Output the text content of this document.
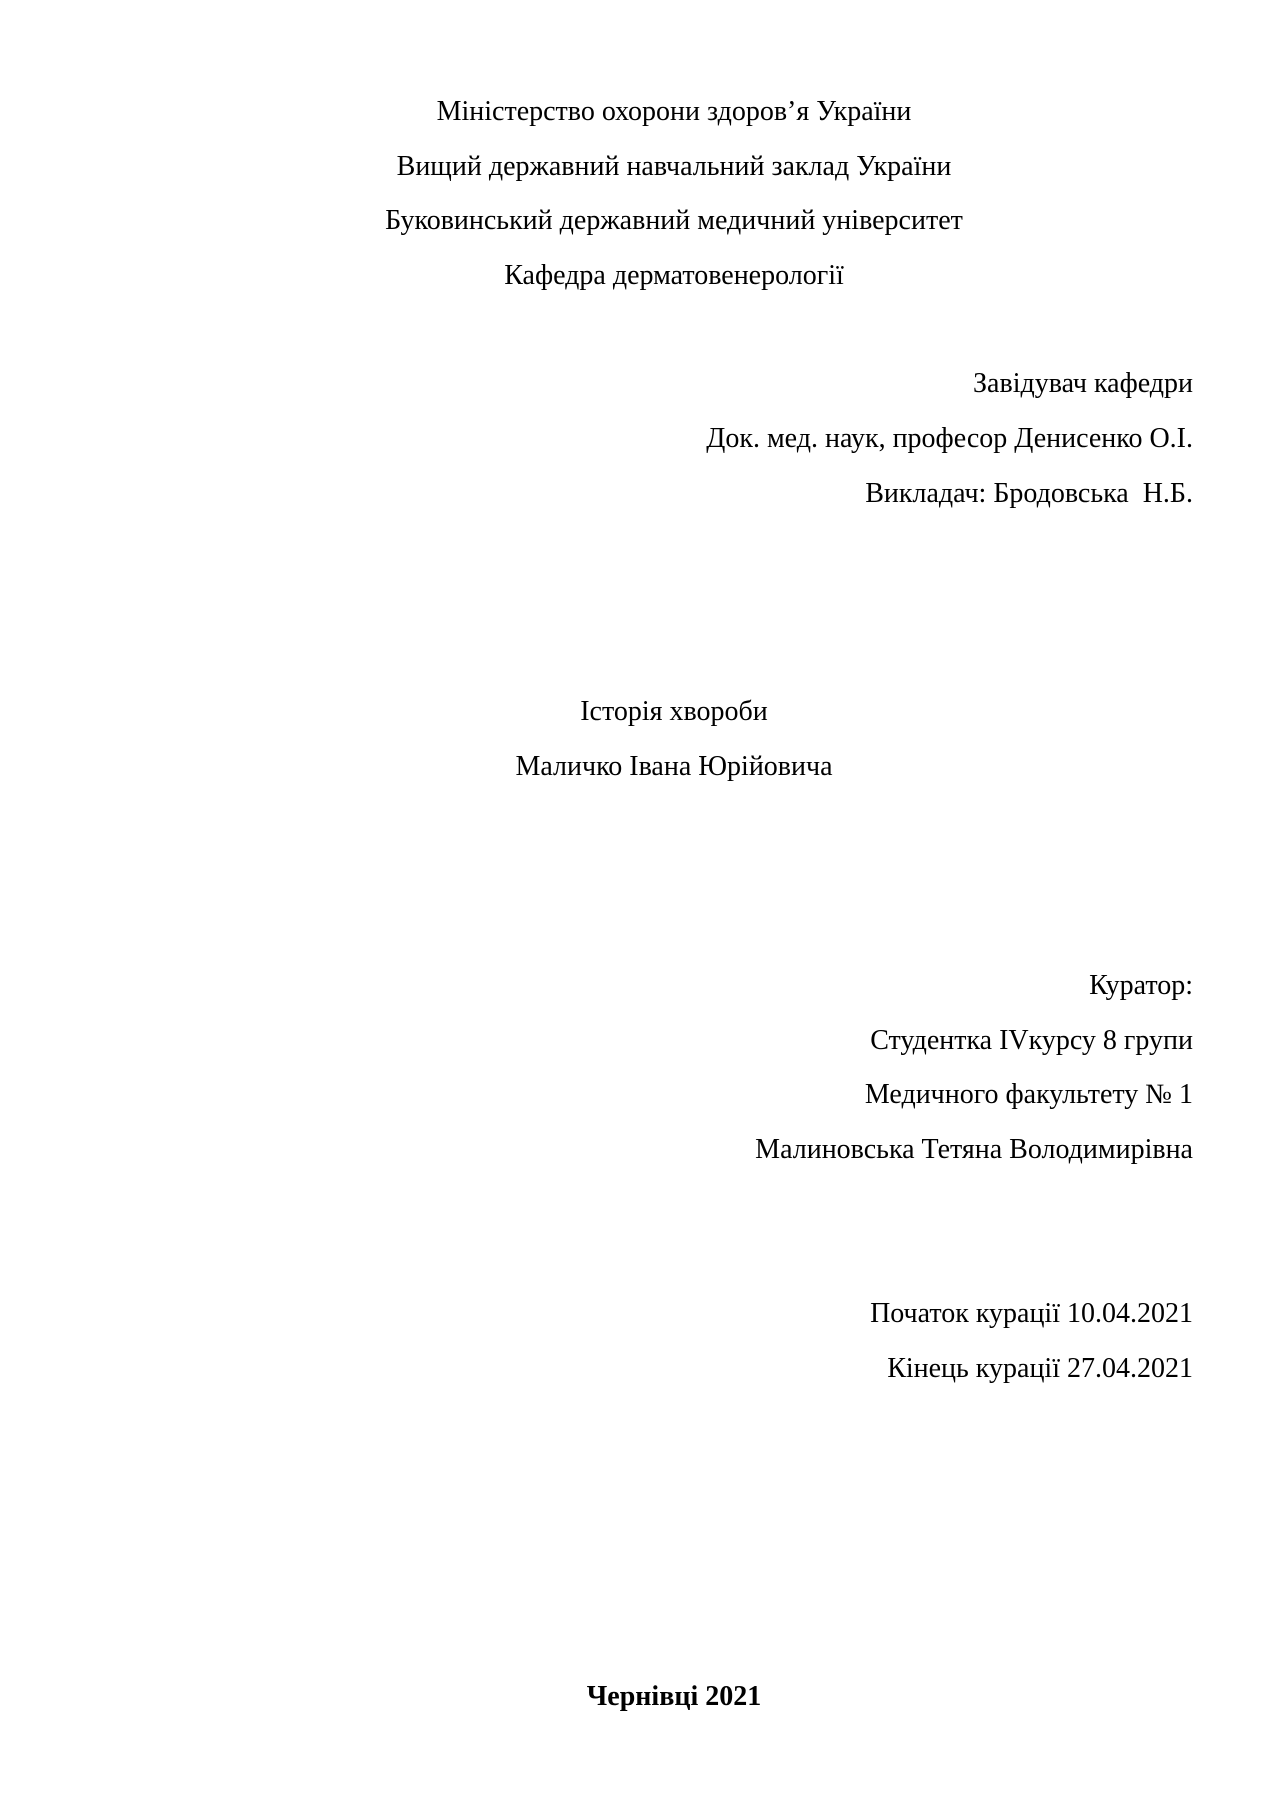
Міністерство охорони здоров’я України

Вищий державний навчальний заклад України

Буковинський державний медичний університет

Кафедра дерматовенерології

Завідувач кафедри

Док. мед. наук, професор Денисенко О.І.

Викладач: Бродовська  Н.Б.

Історія хвороби

Маличко Івана Юрійовича

Куратор:

Студентка IVкурсу 8 групи

Медичного факультету № 1

Малиновська Тетяна Володимирівна

Початок курації 10.04.2021

Кінець курації 27.04.2021

Чернівці 2021
